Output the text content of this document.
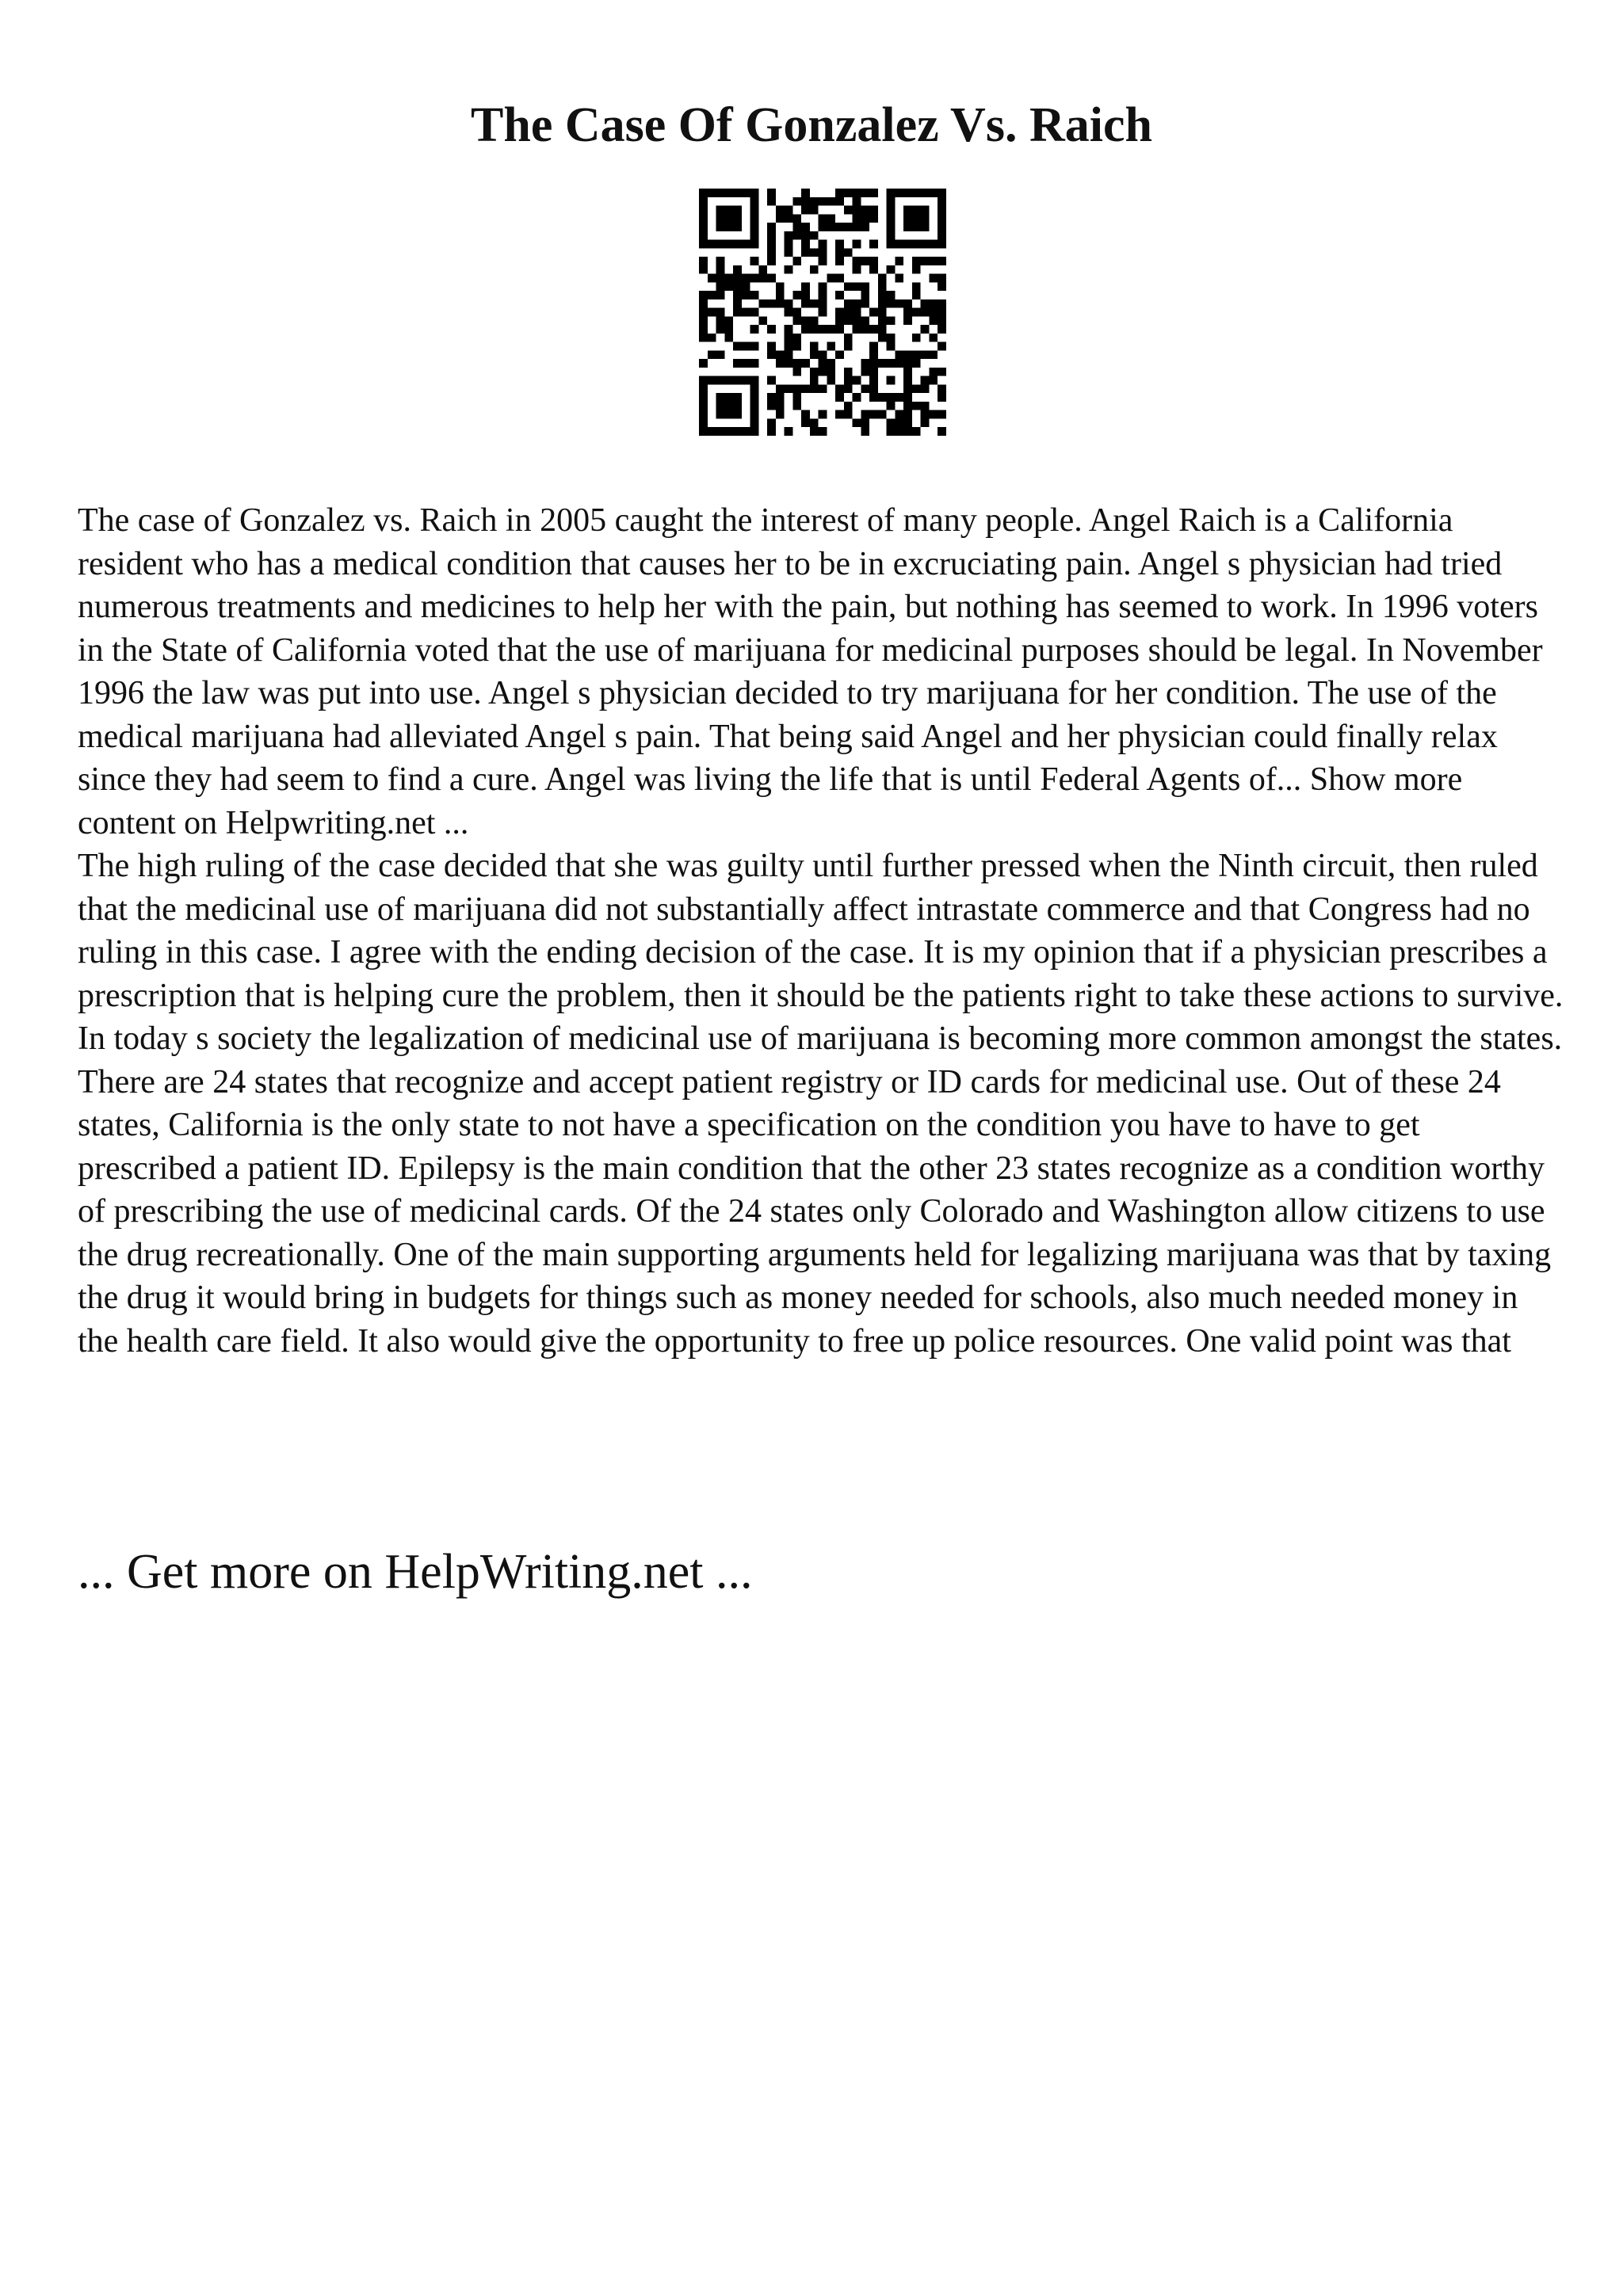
The Case Of Gonzalez Vs. Raich

The case of Gonzalez vs. Raich in 2005 caught the interest of many people. Angel Raich is a California resident who has a medical condition that causes her to be in excruciating pain. Angel s physician had tried numerous treatments and medicines to help her with the pain, but nothing has seemed to work. In 1996 voters in the State of California voted that the use of marijuana for medicinal purposes should be legal. In November 1996 the law was put into use. Angel s physician decided to try marijuana for her condition. The use of the medical marijuana had alleviated Angel s pain. That being said Angel and her physician could finally relax since they had seem to find a cure. Angel was living the life that is until Federal Agents of... Show more content on Helpwriting.net ...

The high ruling of the case decided that she was guilty until further pressed when the Ninth circuit, then ruled that the medicinal use of marijuana did not substantially affect intrastate commerce and that Congress had no ruling in this case. I agree with the ending decision of the case. It is my opinion that if a physician prescribes a prescription that is helping cure the problem, then it should be the patients right to take these actions to survive. In today s society the legalization of medicinal use of marijuana is becoming more common amongst the states. There are 24 states that recognize and accept patient registry or ID cards for medicinal use. Out of these 24 states, California is the only state to not have a specification on the condition you have to have to get prescribed a patient ID. Epilepsy is the main condition that the other 23 states recognize as a condition worthy of prescribing the use of medicinal cards. Of the 24 states only Colorado and Washington allow citizens to use the drug recreationally. One of the main supporting arguments held for legalizing marijuana was that by taxing the drug it would bring in budgets for things such as money needed for schools, also much needed money in the health care field. It also would give the opportunity to free up police resources. One valid point was that

... Get more on HelpWriting.net ...
